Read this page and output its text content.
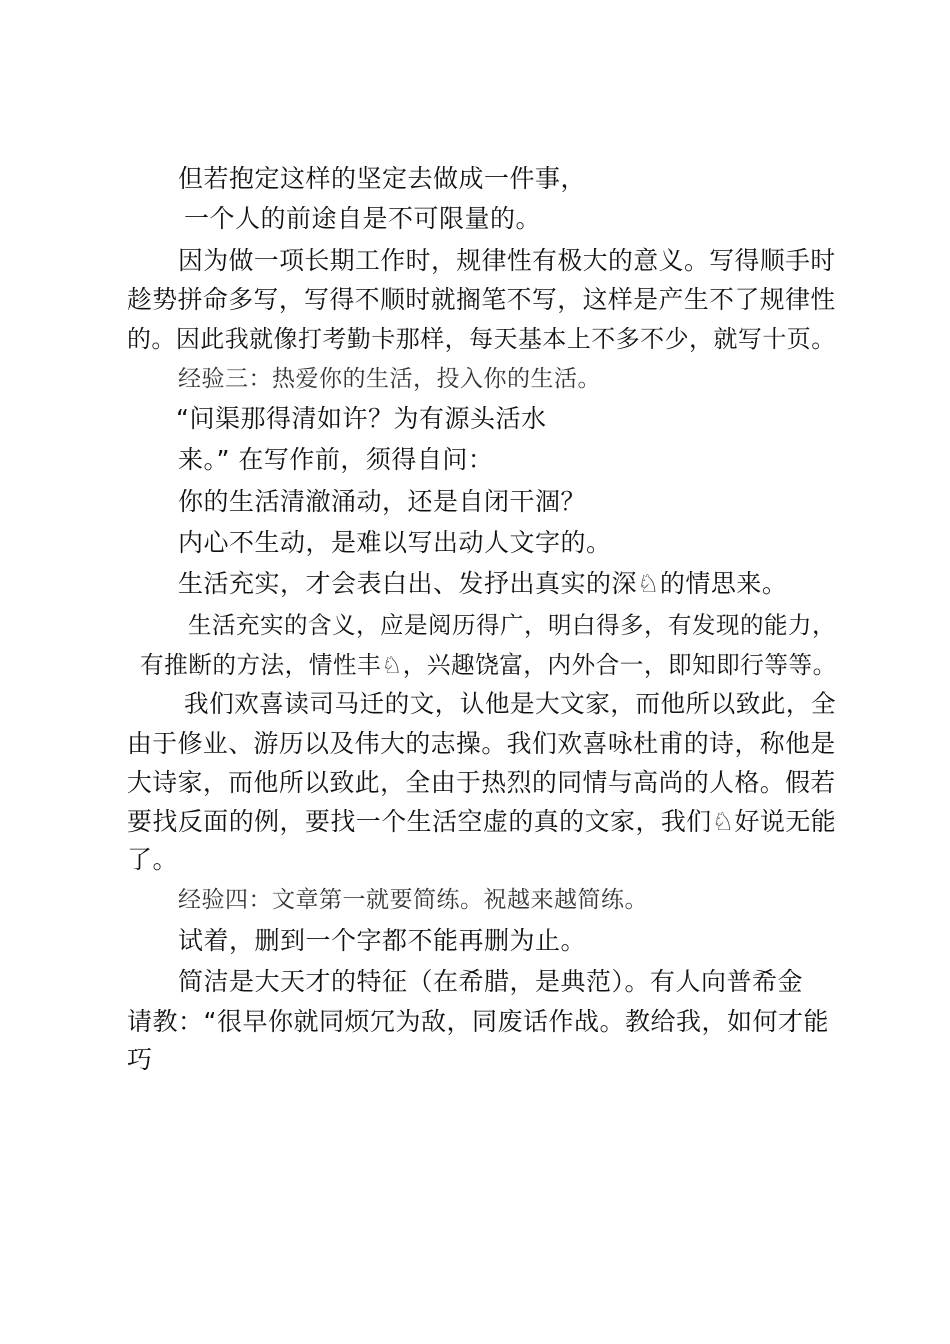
但若抱定这样的坚定去做成一件事，
一个人的前途自是不可限量的。
因为做一项长期工作时，规律性有极大的意义。写得顺手时
趁势拼命多写，写得不顺时就搁笔不写，这样是产生不了规律性
的。因此我就像打考勤卡那样，每天基本上不多不少，就写十页。
经验三：热爱你的生活，投入你的生活。
“问渠那得清如许？为有源头活水
来。” 在写作前，须得自问：
你的生活清澈涌动，还是自闭干涸？
内心不生动，是难以写出动人文字的。
生活充实，才会表白出、发抒出真实的深♘的情思来。
生活充实的含义，应是阅历得广，明白得多，有发现的能力，
有推断的方法，情性丰♘，兴趣饶富，内外合一，即知即行等等。
我们欢喜读司马迁的文，认他是大文家，而他所以致此，全
由于修业、游历以及伟大的志操。我们欢喜咏杜甫的诗，称他是
大诗家，而他所以致此，全由于热烈的同情与高尚的人格。假若
要找反面的例，要找一个生活空虚的真的文家，我们♘好说无能
了。
经验四：文章第一就要简练。祝越来越简练。
试着，删到一个字都不能再删为止。
简洁是大天才的特征（在希腊，是典范）。有人向普希金
请教：“很早你就同烦冗为敌，同废话作战。教给我，如何才能
巧
